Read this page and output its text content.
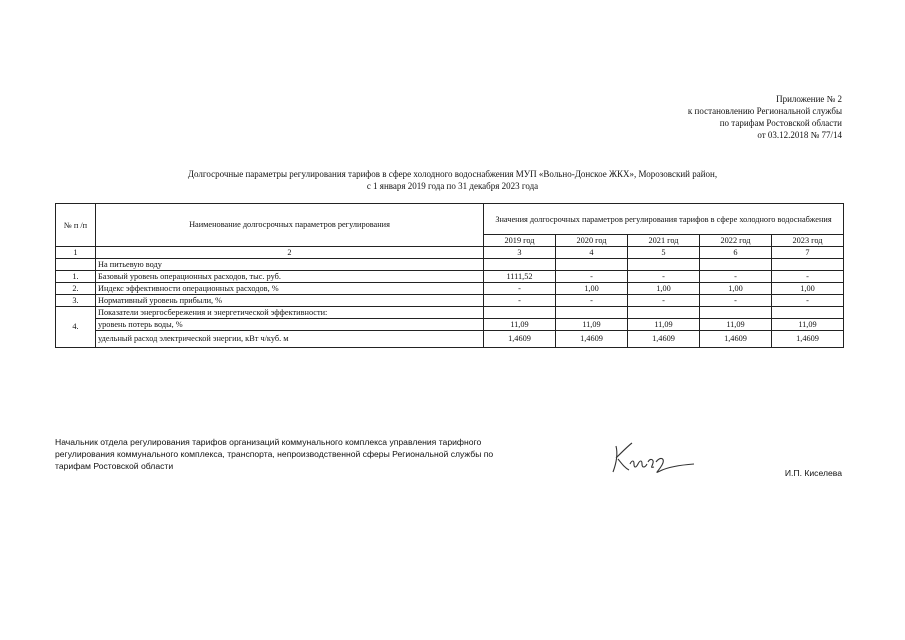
Приложение № 2
к постановлению Региональной службы
по тарифам Ростовской области
от 03.12.2018 № 77/14
Долгосрочные параметры регулирования тарифов в сфере холодного водоснабжения МУП «Вольно-Донское ЖКХ», Морозовский район,
с 1 января 2019 года по 31 декабря 2023 года
№ п /п	Наименование долгосрочных параметров регулирования	Значения долгосрочных параметров регулирования тарифов в сфере холодного водоснабжения				
		2019 год	2020 год	2021 год	2022 год	2023 год
1	2	3	4	5	6	7
	На питьевую воду					
1.	Базовый уровень операционных расходов, тыс. руб.	1111,52	-	-	-	-
2.	Индекс эффективности операционных расходов, %	-	1,00	1,00	1,00	1,00
3.	Нормативный уровень прибыли, %	-	-	-	-	-
4.	Показатели энергосбережения и энергетической эффективности:					
	уровень потерь воды, %	11,09	11,09	11,09	11,09	11,09
	удельный расход электрической энергии, кВт ч/куб. м	1,4609	1,4609	1,4609	1,4609	1,4609
Начальник отдела регулирования тарифов организаций коммунального комплекса управления тарифного регулирования коммунального комплекса, транспорта, непроизводственной сферы Региональной службы по тарифам Ростовской области
И.П. Киселева
